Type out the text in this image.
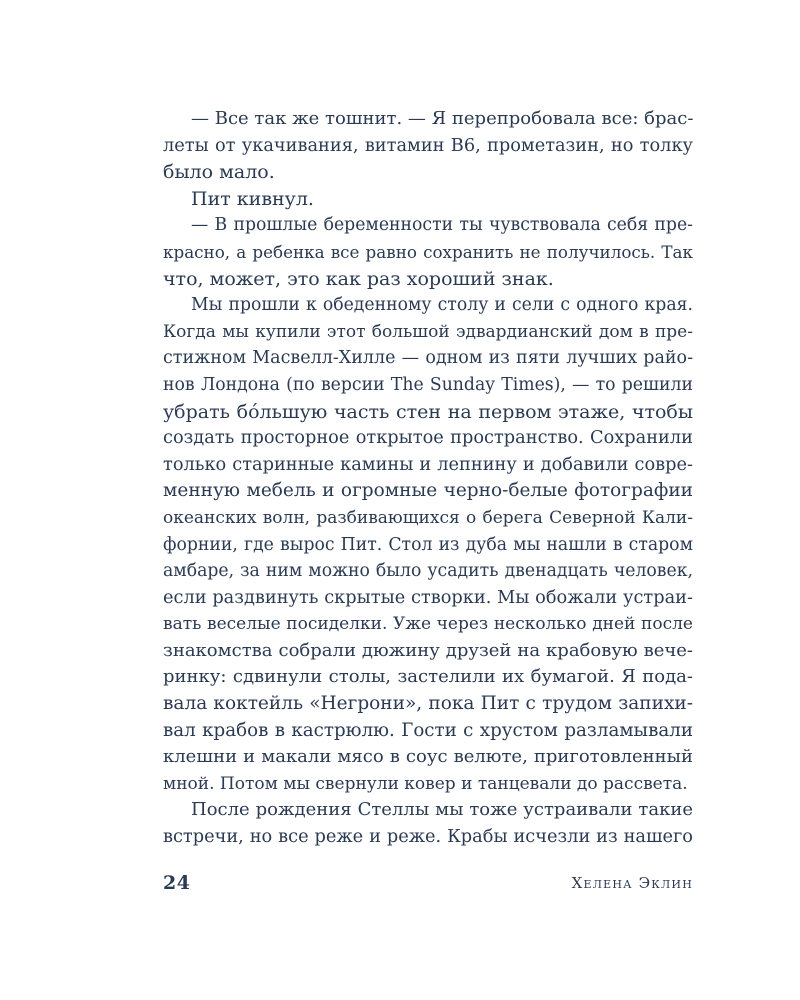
— Все так же тошнит. — Я перепробовала все: брас-
леты от укачивания, витамин B6, прометазин, но толку
было мало.
Пит кивнул.
— В прошлые беременности ты чувствовала себя пре-
красно, а ребенка все равно сохранить не получилось. Так
что, может, это как раз хороший знак.
Мы прошли к обеденному столу и сели с одного края.
Когда мы купили этот большой эдвардианский дом в пре-
стижном Масвелл-Хилле — одном из пяти лучших райо-
нов Лондона (по версии The Sunday Times), — то решили
убрать бóльшую часть стен на первом этаже, чтобы
создать просторное открытое пространство. Сохранили
только старинные камины и лепнину и добавили совре-
менную мебель и огромные черно-белые фотографии
океанских волн, разбивающихся о берега Северной Кали-
форнии, где вырос Пит. Стол из дуба мы нашли в старом
амбаре, за ним можно было усадить двенадцать человек,
если раздвинуть скрытые створки. Мы обожали устраи-
вать веселые посиделки. Уже через несколько дней после
знакомства собрали дюжину друзей на крабовую вече-
ринку: сдвинули столы, застелили их бумагой. Я пода-
вала коктейль «Негрони», пока Пит с трудом запихи-
вал крабов в кастрюлю. Гости с хрустом разламывали
клешни и макали мясо в соус велюте, приготовленный
мной. Потом мы свернули ковер и танцевали до рассвета.
После рождения Стеллы мы тоже устраивали такие
встречи, но все реже и реже. Крабы исчезли из нашего
24	Хелена Эклин
